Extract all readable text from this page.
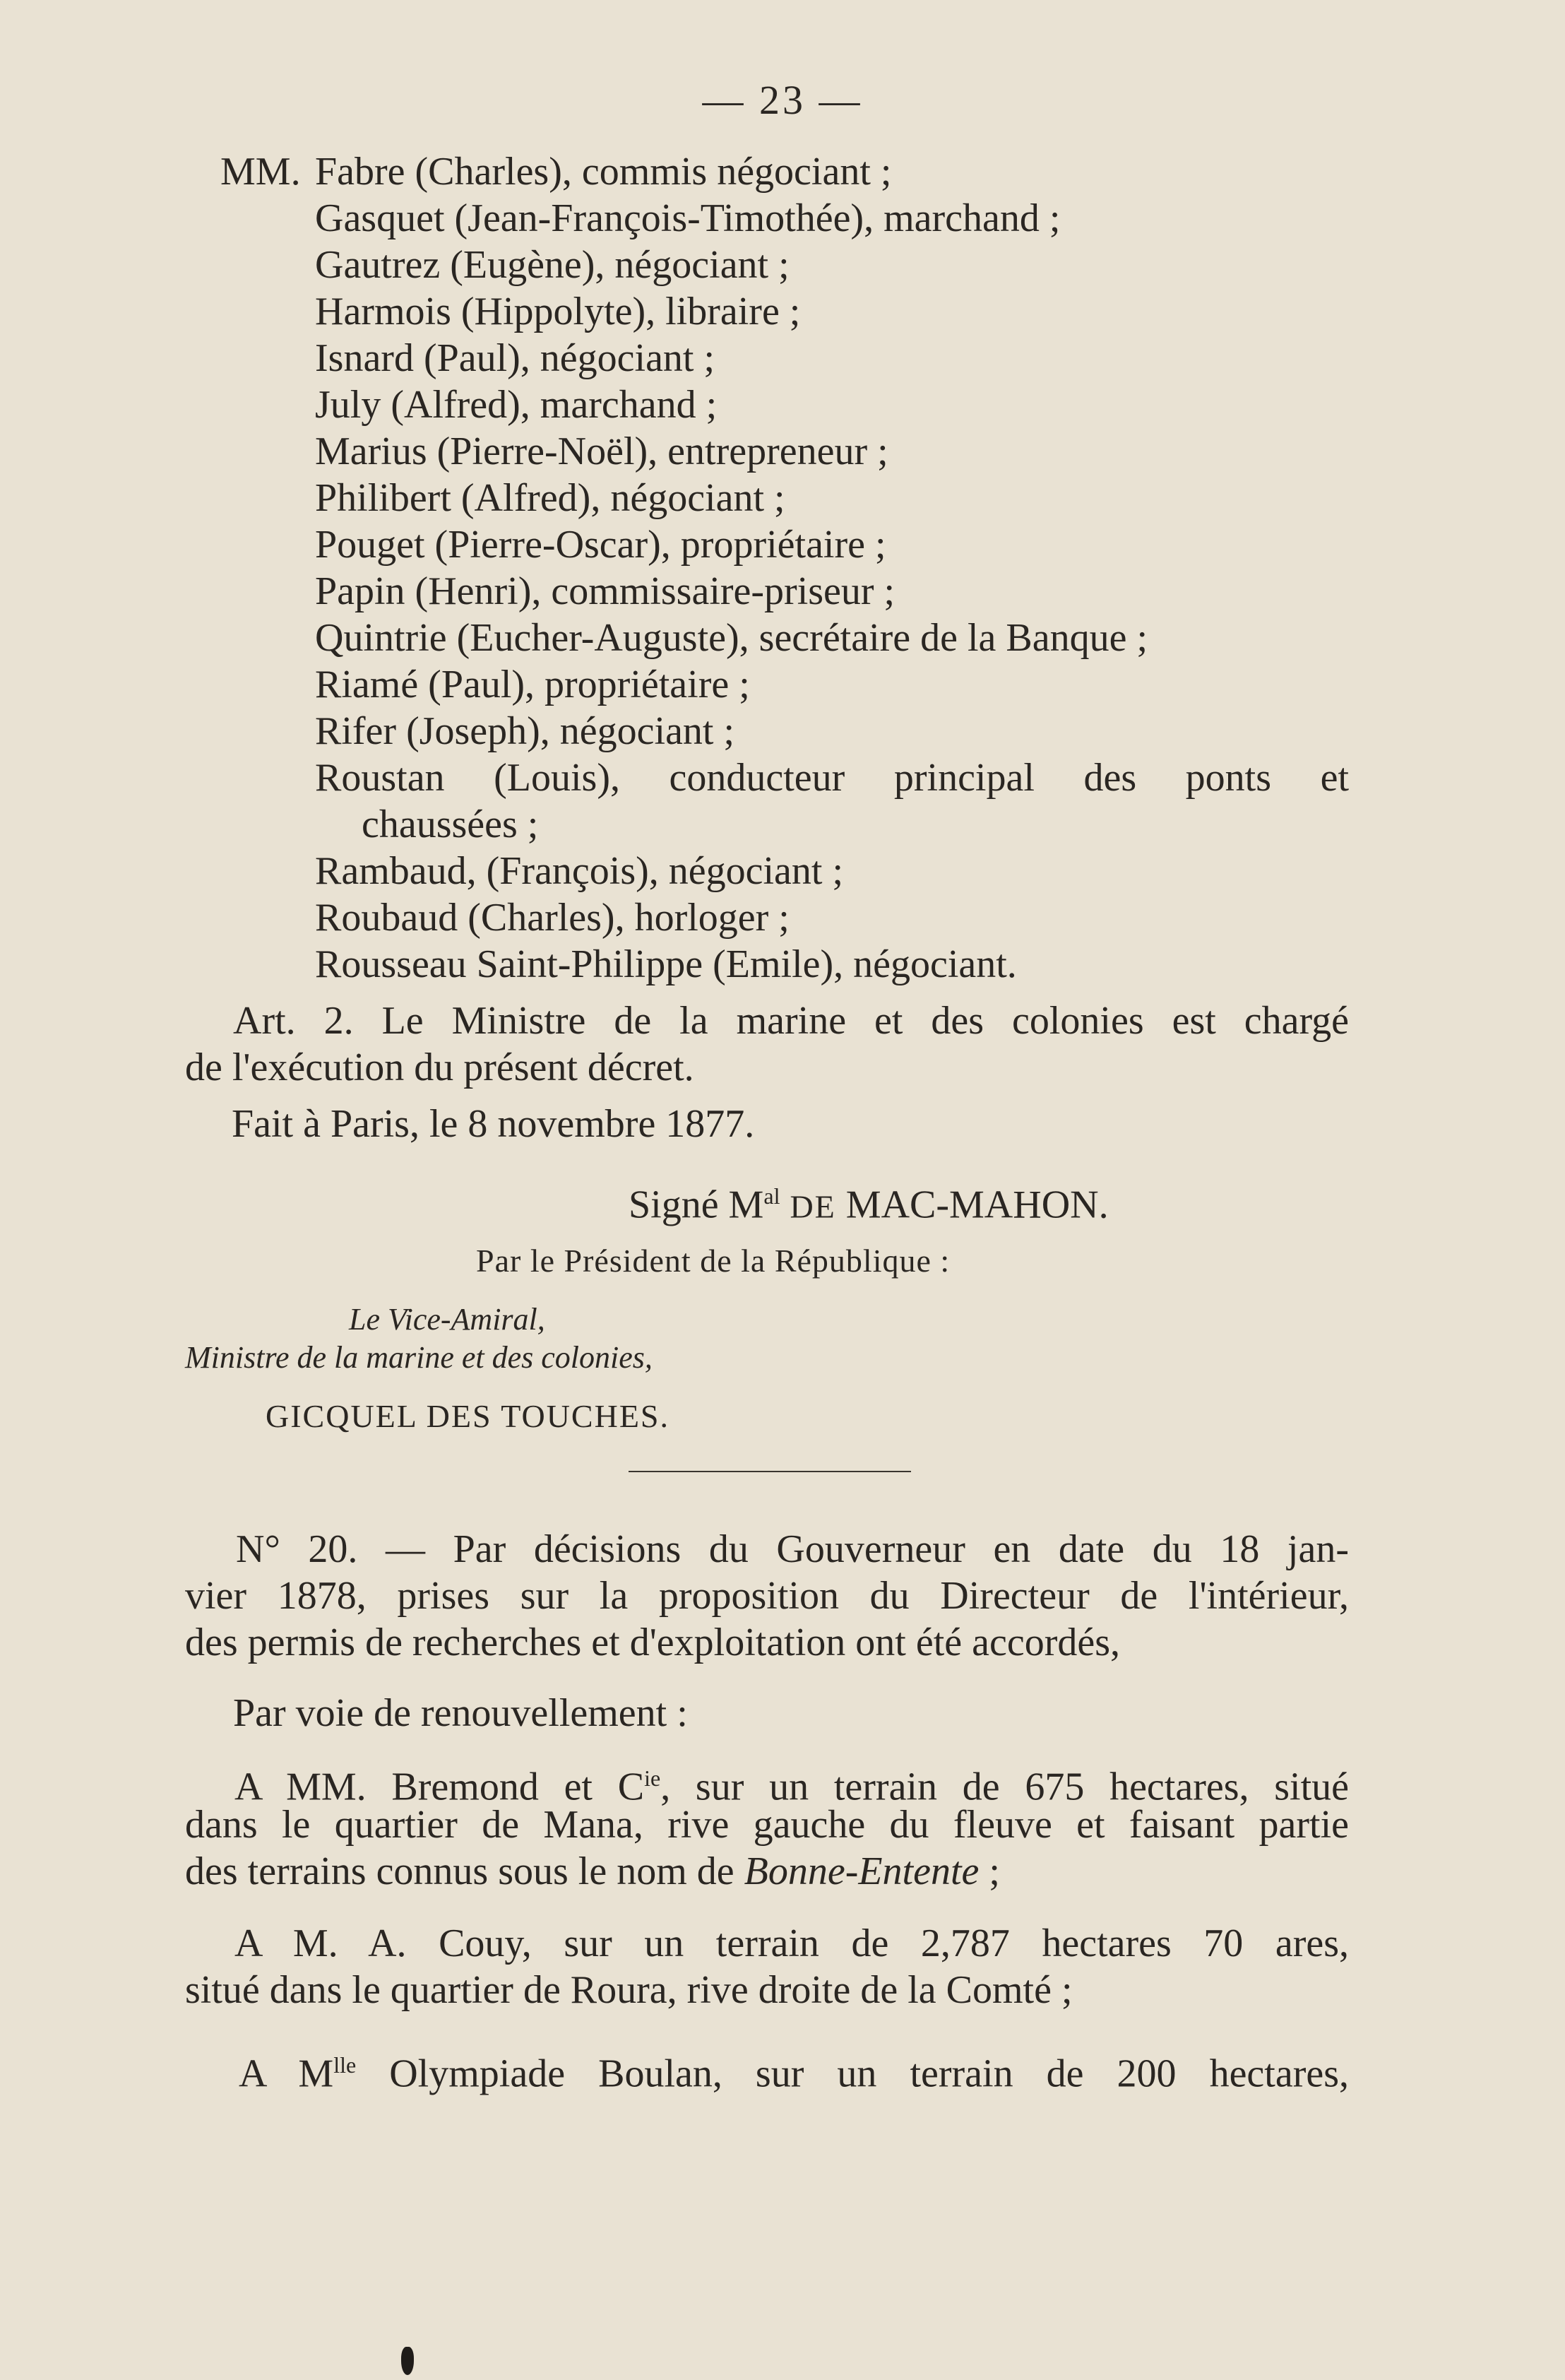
— 23 —
MM. Fabre (Charles), commis négociant ;
Gasquet (Jean-François-Timothée), marchand ;
Gautrez (Eugène), négociant ;
Harmois (Hippolyte), libraire ;
Isnard (Paul), négociant ;
July (Alfred), marchand ;
Marius (Pierre-Noël), entrepreneur ;
Philibert (Alfred), négociant ;
Pouget (Pierre-Oscar), propriétaire ;
Papin (Henri), commissaire-priseur ;
Quintrie (Eucher-Auguste), secrétaire de la Banque ;
Riamé (Paul), propriétaire ;
Rifer (Joseph), négociant ;
Roustan (Louis), conducteur principal des ponts et
chaussées ;
Rambaud, (François), négociant ;
Roubaud (Charles), horloger ;
Rousseau Saint-Philippe (Emile), négociant.
Art. 2. Le Ministre de la marine et des colonies est chargé
de l'exécution du présent décret.
Fait à Paris, le 8 novembre 1877.
Signé $M^{al}$ DE MAC-MAHON.
Par le Président de la République :
Le Vice-Amiral,
Ministre de la marine et des colonies,
GICQUEL DES TOUCHES.
N° 20. — Par décisions du Gouverneur en date du 18 jan-
vier 1878, prises sur la proposition du Directeur de l'intérieur,
des permis de recherches et d'exploitation ont été accordés,
Par voie de renouvellement :
A MM. Bremond et $C^{ie}$, sur un terrain de 675 hectares, situé
dans le quartier de Mana, rive gauche du fleuve et faisant partie
des terrains connus sous le nom de Bonne-Entente ;
A M. A. Couy, sur un terrain de 2,787 hectares 70 ares,
situé dans le quartier de Roura, rive droite de la Comté ;
A $M^{lle}$ Olympiade Boulan, sur un terrain de 200 hectares,
